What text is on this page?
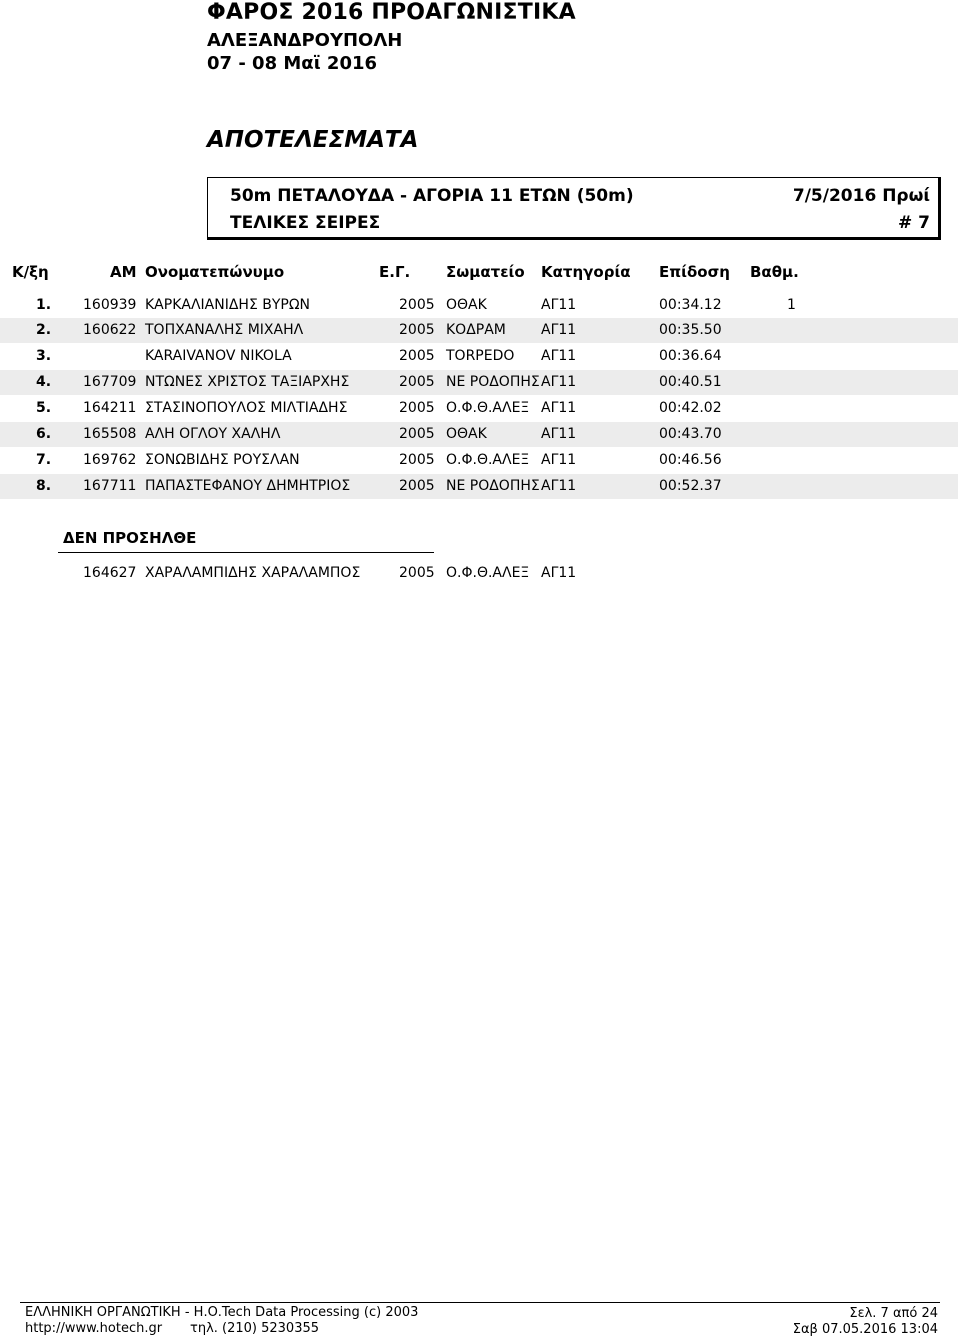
ΦΑΡΟΣ 2016 ΠΡΟΑΓΩΝΙΣΤΙΚΑ
ΑΛΕΞΑΝΔΡΟΥΠΟΛΗ
07 - 08 Μαϊ 2016
ΑΠΟΤΕΛΕΣΜΑΤΑ
50m ΠΕΤΑΛΟΥΔΑ - ΑΓΟΡΙΑ 11 ΕΤΩΝ (50m)	7/5/2016 Πρωί
ΤΕΛΙΚΕΣ ΣΕΙΡΕΣ	# 7
Κ/ξη	ΑΜ Ονοματεπώνυμο	Ε.Γ. Σωματείο Κατηγορία Επίδοση Βαθμ.
1. 160939 ΚΑΡΚΑΛΙΑΝΙΔΗΣ ΒΥΡΩΝ	2005 ΟΘΑΚ	ΑΓ11	00:34.12	1
2. 160622 ΤΟΠΧΑΝΑΛΗΣ ΜΙΧΑΗΛ	2005 ΚΟΔΡΑΜ	ΑΓ11	00:35.50
3.	KARAIVANOV NIKOLA	2005 TORPEDO ΑΓ11	00:36.64
4. 167709 ΝΤΩΝΕΣ ΧΡΙΣΤΟΣ ΤΑΞΙΑΡΧΗΣ	2005 ΝΕ ΡΟΔΟΠΗΣ ΑΓ11	00:40.51
5. 164211 ΣΤΑΣΙΝΟΠΟΥΛΟΣ ΜΙΛΤΙΑΔΗΣ	2005 Ο.Φ.Θ.ΑΛΕΞ ΑΓ11	00:42.02
6. 165508 ΑΛΗ ΟΓΛΟΥ ΧΑΛΗΛ	2005 ΟΘΑΚ	ΑΓ11	00:43.70
7. 169762 ΣΟΝΩΒΙΔΗΣ ΡΟΥΣΛΑΝ	2005 Ο.Φ.Θ.ΑΛΕΞ ΑΓ11	00:46.56
8. 167711 ΠΑΠΑΣΤΕΦΑΝΟΥ ΔΗΜΗΤΡΙΟΣ	2005 ΝΕ ΡΟΔΟΠΗΣ ΑΓ11	00:52.37
ΔΕΝ ΠΡΟΣΗΛΘΕ
164627 ΧΑΡΑΛΑΜΠΙΔΗΣ ΧΑΡΑΛΑΜΠΟΣ	2005 Ο.Φ.Θ.ΑΛΕΞ ΑΓ11
ΕΛΛΗΝΙΚΗ ΟΡΓΑΝΩΤΙΚΗ - Η.Ο.Tech Data Processing (c) 2003
http://www.hotech.gr τηλ. (210) 5230355
Σελ. 7 από 24
Σαβ 07.05.2016 13:04
